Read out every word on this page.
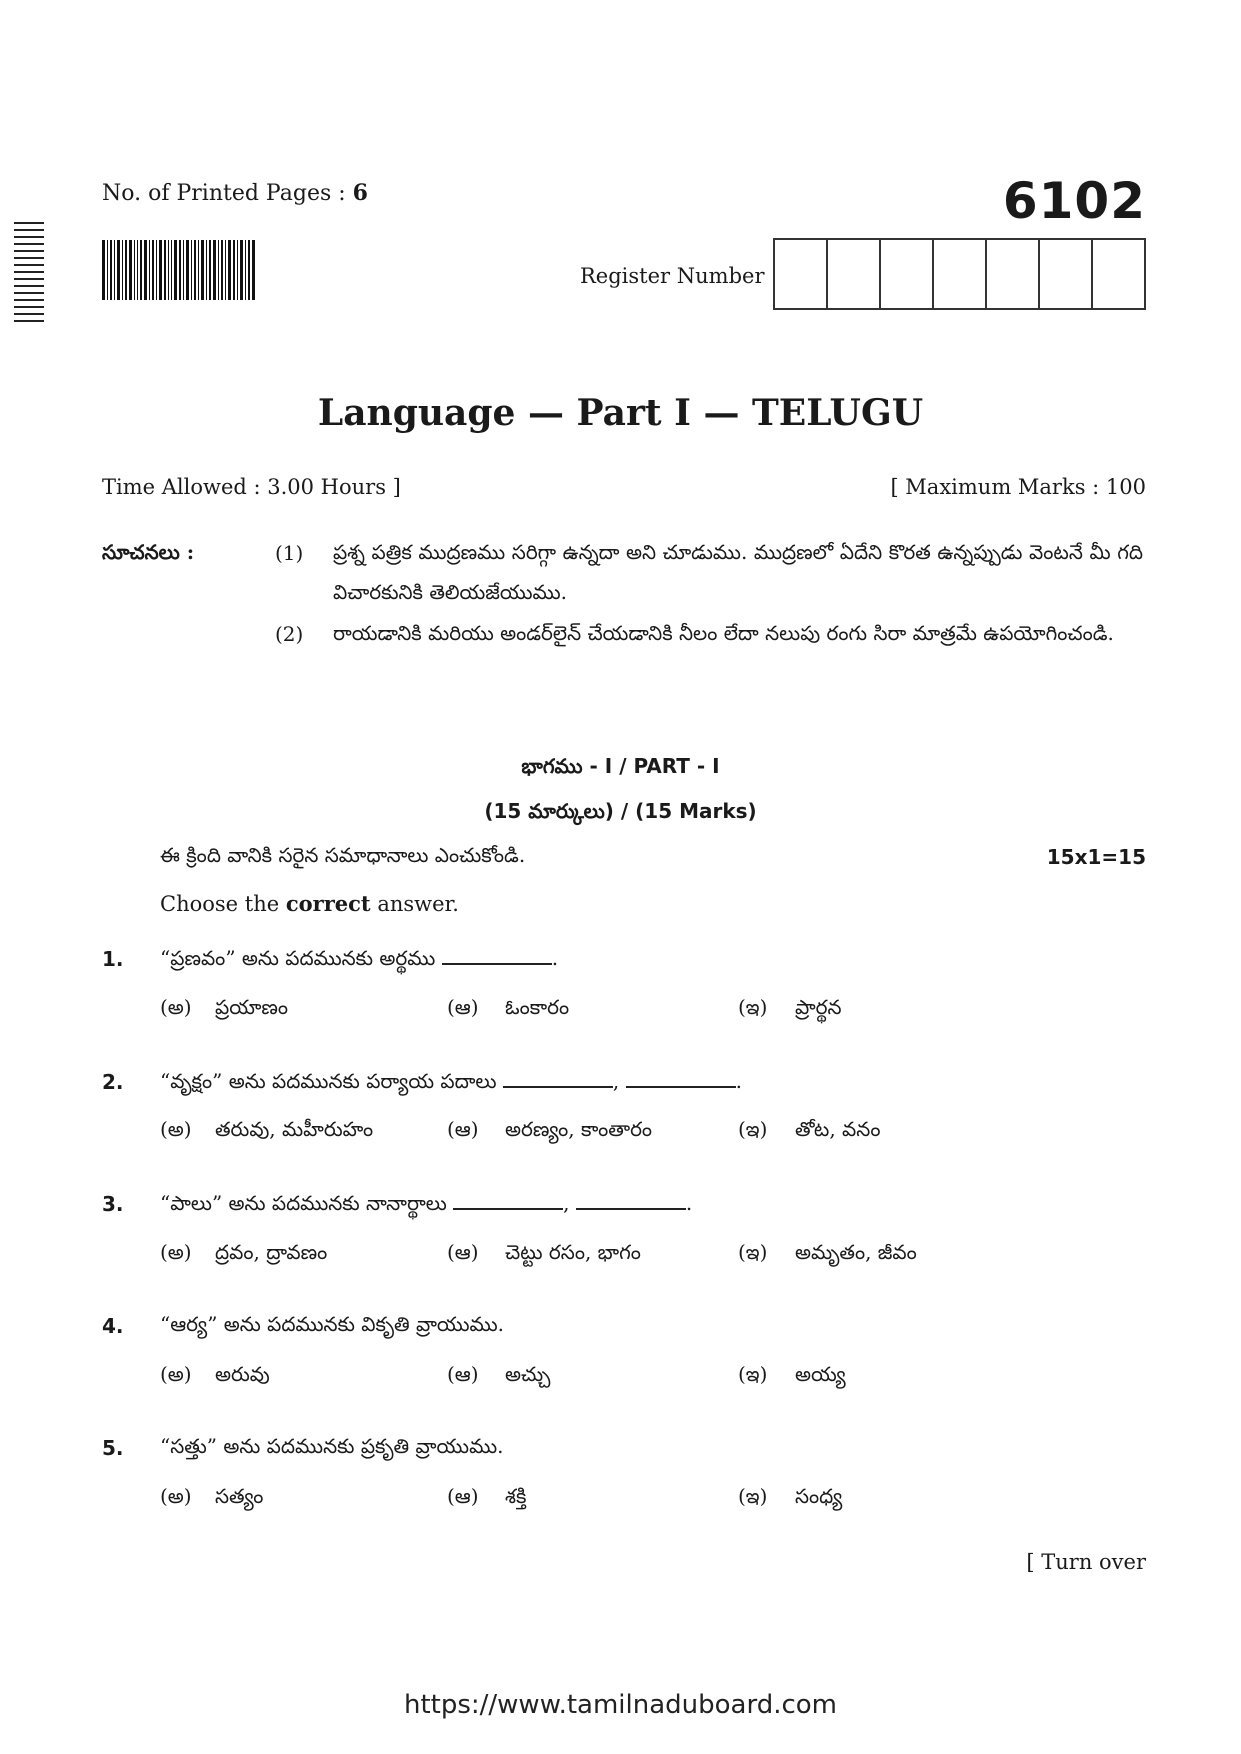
No. of Printed Pages : 6	6102
Register Number
Language — Part I — TELUGU
Time Allowed : 3.00 Hours ]	[ Maximum Marks : 100
సూచనలు :	(1) ప్రశ్న పత్రిక ముద్రణము సరిగ్గా ఉన్నదా అని చూడుము. ముద్రణలో ఏదేని కొరత ఉన్నప్పుడు వెంటనే మీ గది విచారకునికి తెలియజేయుము.
(2) రాయడానికి మరియు అండర్‌లైన్ చేయడానికి నీలం లేదా నలుపు రంగు సిరా మాత్రమే ఉపయోగించండి.
భాగము - I / PART - I
(15 మార్కులు) / (15 Marks)
ఈ క్రింది వానికి సరైన సమాధానాలు ఎంచుకోండి.	15x1=15
Choose the correct answer.
1. “ప్రణవం” అను పదమునకు అర్థము	.
(అ) ప్రయాణం	(ఆ) ఓంకారం	(ఇ) ప్రార్థన
2. “వృక్షం” అను పదమునకు పర్యాయ పదాలు	,	.
(అ) తరువు, మహీరుహం	(ఆ) అరణ్యం, కాంతారం	(ఇ) తోట, వనం
3. “పాలు” అను పదమునకు నానార్థాలు	,	.
(అ) ద్రవం, ద్రావణం	(ఆ) చెట్టు రసం, భాగం	(ఇ) అమృతం, జీవం
4. “ఆర్య” అను పదమునకు వికృతి వ్రాయుము.
(అ) అరువు	(ఆ) అచ్చు	(ఇ) అయ్య
5. “సత్తు” అను పదమునకు ప్రకృతి వ్రాయుము.
(అ) సత్యం	(ఆ) శక్తి	(ఇ) సంధ్య
[ Turn over
https://www.tamilnaduboard.com
